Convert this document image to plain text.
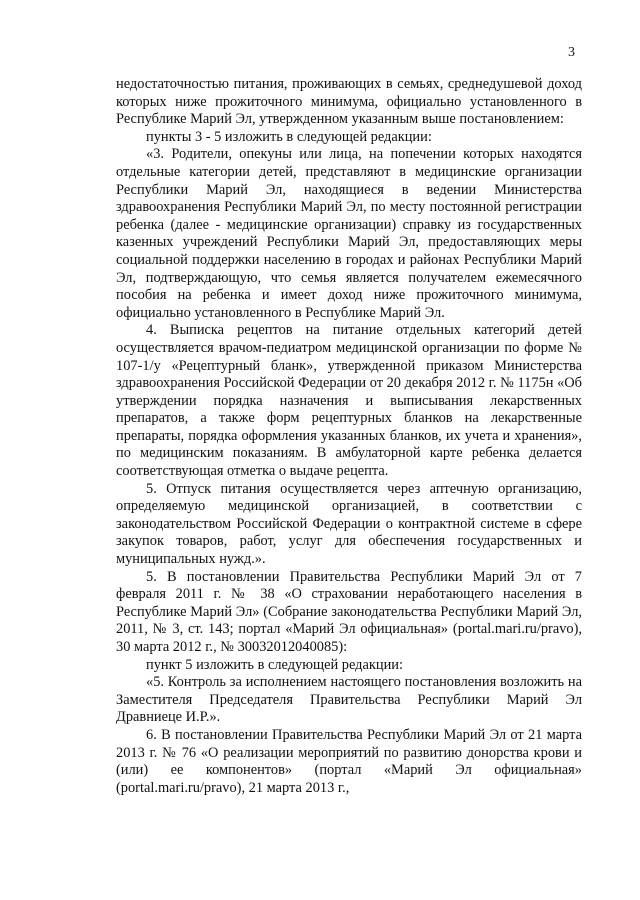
3

недостаточностью питания, проживающих в семьях, среднедушевой доход которых ниже прожиточного минимума, официально установленного в Республике Марий Эл, утвержденном указанным выше постановлением:

пункты 3 - 5 изложить в следующей редакции:

«3. Родители, опекуны или лица, на попечении которых находятся отдельные категории детей, представляют в медицинские организации Республики Марий Эл, находящиеся в ведении Министерства здравоохранения Республики Марий Эл, по месту постоянной регистрации ребенка (далее - медицинские организации) справку из государственных казенных учреждений Республики Марий Эл, предоставляющих меры социальной поддержки населению в городах и районах Республики Марий Эл, подтверждающую, что семья является получателем ежемесячного пособия на ребенка и имеет доход ниже прожиточного минимума, официально установленного в Республике Марий Эл.

4. Выписка рецептов на питание отдельных категорий детей осуществляется врачом-педиатром медицинской организации по форме № 107-1/у «Рецептурный бланк», утвержденной приказом Министерства здравоохранения Российской Федерации от 20 декабря 2012 г. № 1175н «Об утверждении порядка назначения и выписывания лекарственных препаратов, а также форм рецептурных бланков на лекарственные препараты, порядка оформления указанных бланков, их учета и хранения», по медицинским показаниям. В амбулаторной карте ребенка делается соответствующая отметка о выдаче рецепта.

5. Отпуск питания осуществляется через аптечную организацию, определяемую медицинской организацией, в соответствии с законодательством Российской Федерации о контрактной системе в сфере закупок товаров, работ, услуг для обеспечения государственных и муниципальных нужд.».

5. В постановлении Правительства Республики Марий Эл от 7 февраля 2011 г. № 38 «О страховании неработающего населения в Республике Марий Эл» (Собрание законодательства Республики Марий Эл, 2011, № 3, ст. 143; портал «Марий Эл официальная» (portal.mari.ru/pravo), 30 марта 2012 г., № 30032012040085):

пункт 5 изложить в следующей редакции:

«5. Контроль за исполнением настоящего постановления возложить на Заместителя Председателя Правительства Республики Марий Эл Дравниеце И.Р.».

6. В постановлении Правительства Республики Марий Эл от 21 марта 2013 г. № 76 «О реализации мероприятий по развитию донорства крови и (или) ее компонентов» (портал «Марий Эл официальная» (portal.mari.ru/pravo), 21 марта 2013 г.,
